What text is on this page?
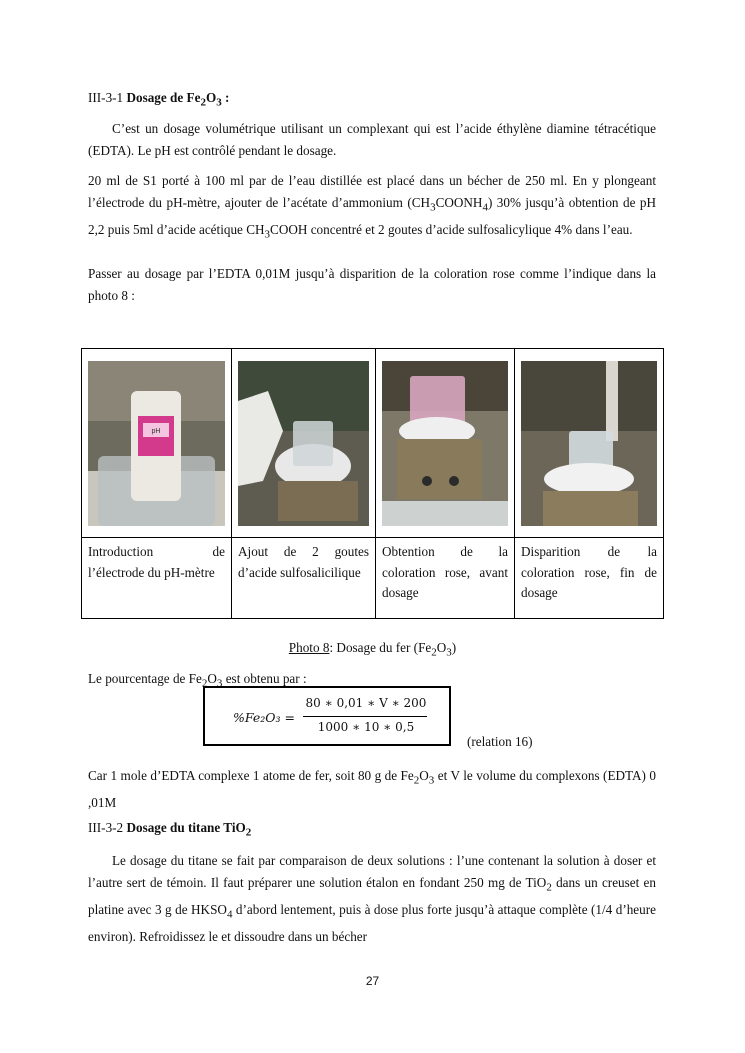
III-3-1 Dosage de $Fe_2O_3$ :
C’est un dosage volumétrique utilisant un complexant qui est l’acide éthylène diamine tétracétique (EDTA). Le pH est contrôlé pendant le dosage.
20 ml de S1 porté à 100 ml par de l’eau distillée est placé dans un bécher de 250 ml. En y plongeant l’électrode du pH-mètre, ajouter de l’acétate d’ammonium $(CH_3COONH_4)$ 30% jusqu’à obtention de pH 2,2 puis 5ml d’acide acétique $CH_3COOH$ concentré et 2 goutes d’acide sulfosalicylique 4% dans l’eau.
Passer au dosage par l’EDTA 0,01M jusqu’à disparition de la coloration rose comme l’indique dans la photo 8 :
pH

Introduction de l’électrode du pH-mètre	Ajout de 2 goutes d’acide sulfosalicilique	Obtention de la coloration rose, avant dosage	Disparition de la coloration rose, fin de dosage
Photo 8: Dosage du fer $(Fe_2O_3)$
Le pourcentage de $Fe_2O_3$ est obtenu par :
%Fe₂O₃ =
80 ∗ 0,01 ∗ V ∗ 200
1000 ∗ 10 ∗ 0,5
(relation 16)
Car 1 mole d’EDTA complexe 1 atome de fer, soit 80 g de $Fe_2O_3$ et V le volume du complexons (EDTA) 0 ,01M
III-3-2 Dosage du titane TiO$_2$
Le dosage du titane se fait par comparaison de deux solutions : l’une contenant la solution à doser et l’autre sert de témoin. Il faut préparer une solution étalon en fondant 250 mg de TiO$_2$ dans un creuset en platine avec 3 g de $HKSO_4$ d’abord lentement, puis à dose plus forte jusqu’à attaque complète (1/4 d’heure environ). Refroidissez le et dissoudre dans un bécher
27
